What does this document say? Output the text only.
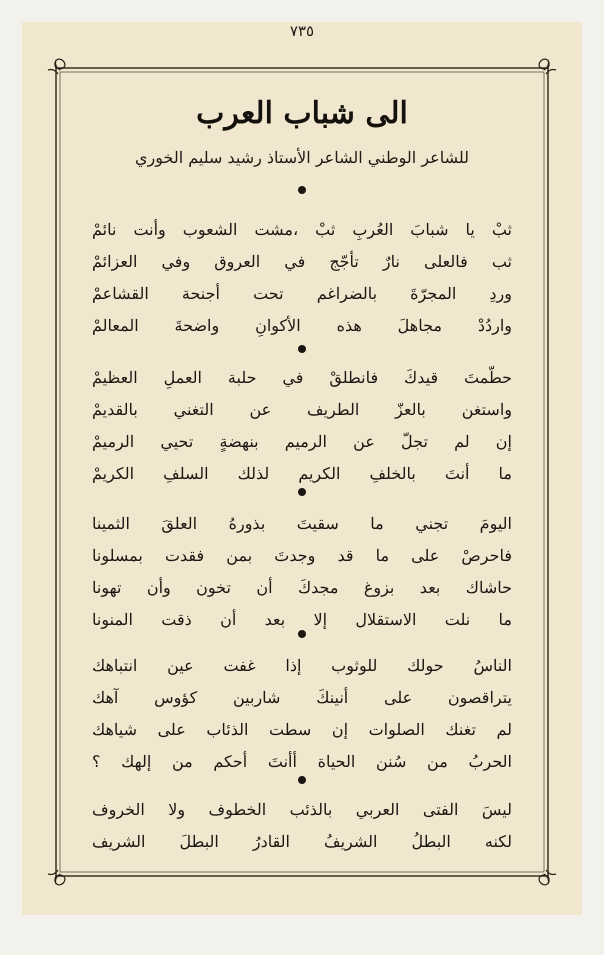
٧٣٥
الى شباب العرب
للشاعر الوطني الشاعر الأستاذ رشيد سليم الخوري
ثبْ يا شبابَ العُربِ ثبْ ،مشت الشعوب وأنت نائمْ
ثب فالعلى نارٌ تأجّج في العروق وفي العزائمْ
وردِ المجرّةَ بالضراغم تحت أجنحة القشاعمْ
واردُدْ مجاهلَ هذه الأكوانِ واضحةَ المعالمْ
حطّمتَ قيدكَ فانطلقْ في حلبة العملِ العظيمْ
واستغن بالعزّ الطريف عن التغني بالقديمْ
إن لم تجلّ عن الرميم بنهضةٍ تحيي الرميمْ
ما أنتَ بالخلفِ الكريم لذلك السلفِ الكريمْ
اليومَ تجني ما سقيتَ بذورهُ العلقَ الثمينا
فاحرصْ على ما قد وجدتَ بمن فقدت بمسلونا
حاشاك بعد بزوغ مجدكَ أن تخون وأن تهونا
ما نلت الاستقلال إلا بعد أن ذقت المنونا
الناسُ حولك للوثوب إذا غفت عين انتباهك
يتراقصون على أنينكَ شاربين كؤوس آهك
لم تغنك الصلوات إن سطت الذئاب على شياهك
الحربُ من سُنن الحياة أأنتَ أحكم من إلهك ؟
ليسَ الفتى العربي بالذئب الخطوف ولا الخروف
لكنه البطلُ الشريفُ القادرُ البطلَ الشريف
